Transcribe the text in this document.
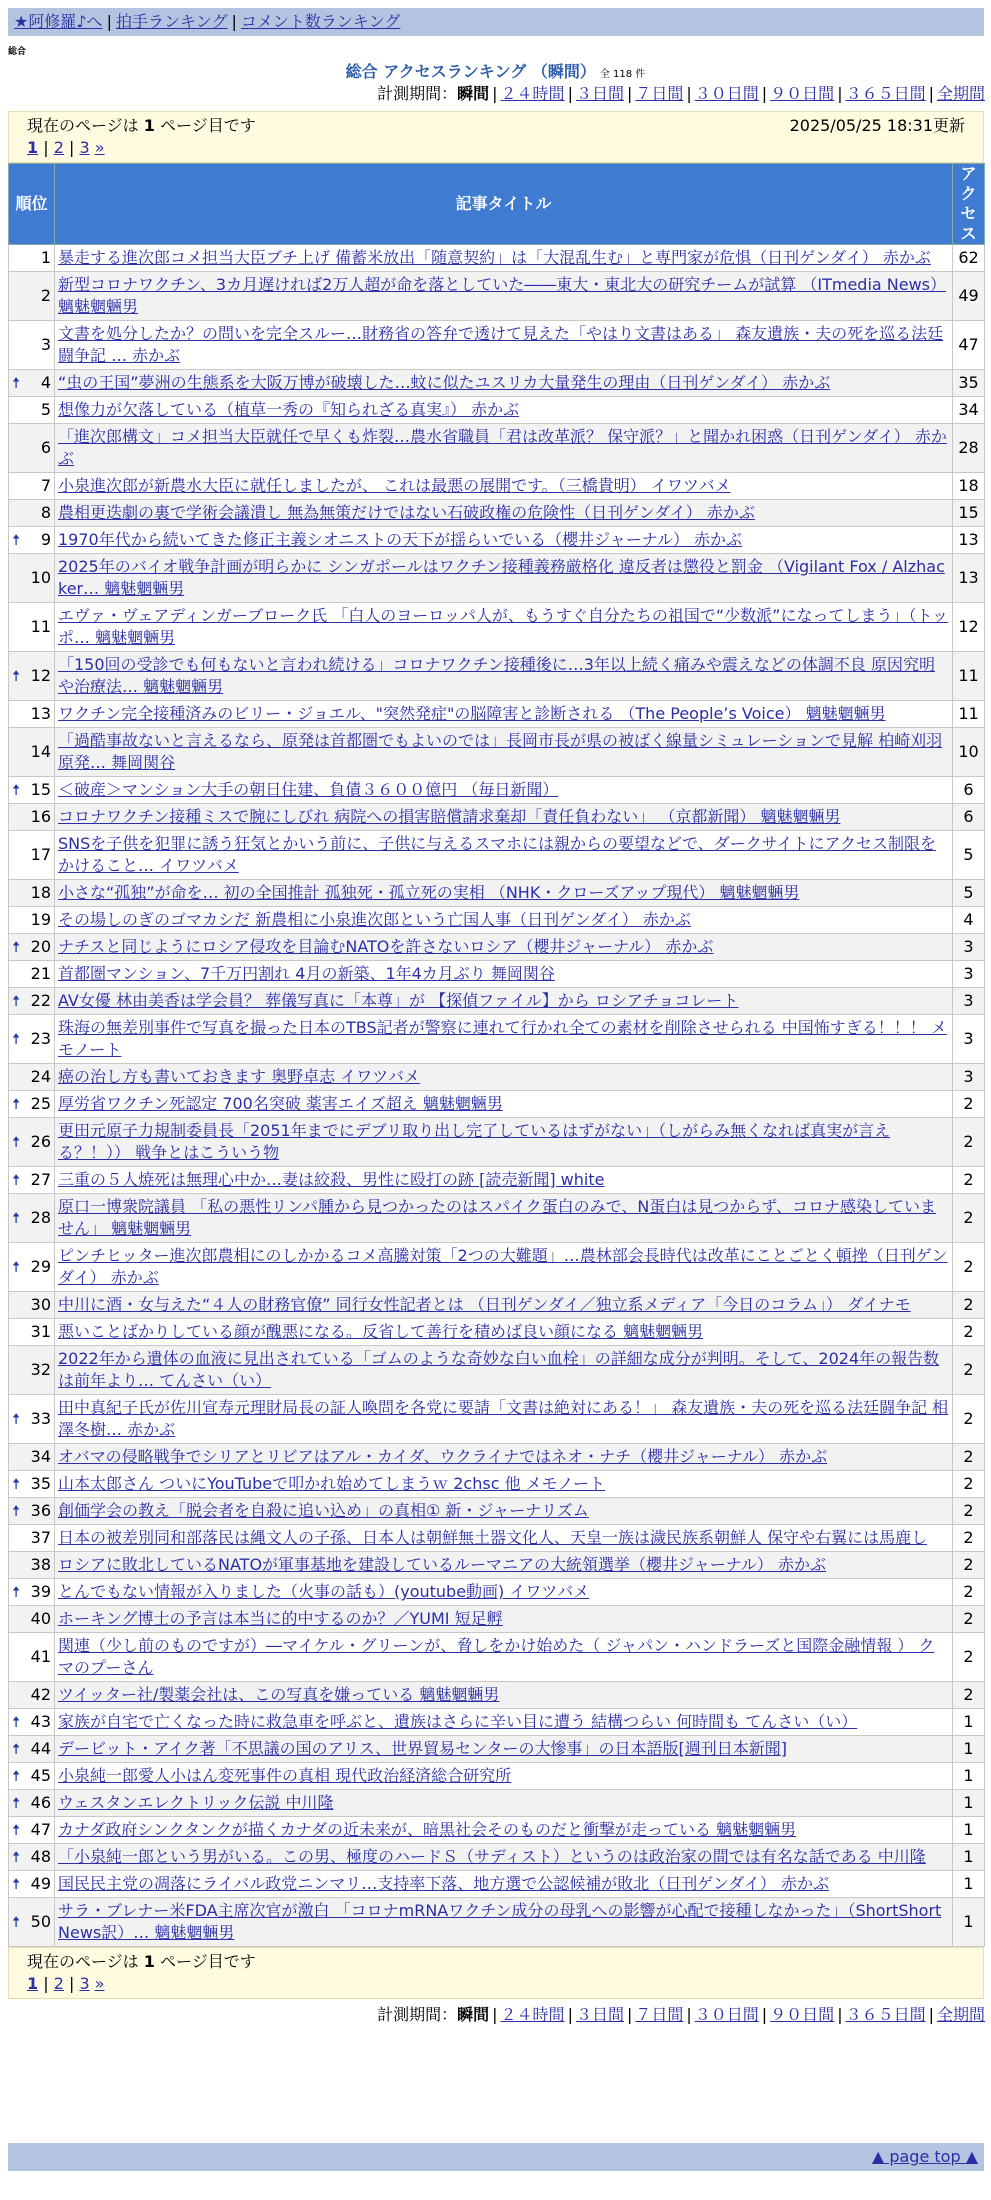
★阿修羅♪へ | 拍手ランキング | コメント数ランキング
総合
総合 アクセスランキング （瞬間） 全 118 件
計測期間：瞬間 | ２４時間 | ３日間 | ７日間 | ３０日間 | ９０日間 | ３６５日間 | 全期間
現在のページは 1 ページ目です	2025/05/25 18:31更新
1 | 2 | 3 »
順位	記事タイトル	アクセス
1	暴走する進次郎コメ担当大臣ブチ上げ 備蓄米放出「随意契約」は「大混乱生む」と専門家が危惧（日刊ゲンダイ） 赤かぶ	62
2	新型コロナワクチン、3カ月遅ければ2万人超が命を落としていた――東大・東北大の研究チームが試算 （ITmedia News） 魑魅魍魎男	49
3	文書を処分したか？の問いを完全スルー…財務省の答弁で透けて見えた「やはり文書はある」 森友遺族・夫の死を巡る法廷闘争記 … 赤かぶ	47

🠅 4	“虫の王国”夢洲の生態系を大阪万博が破壊した…蚊に似たユスリカ大量発生の理由（日刊ゲンダイ） 赤かぶ	35
5	想像力が欠落している（植草一秀の『知られざる真実』） 赤かぶ	34
6	「進次郎構文」コメ担当大臣就任で早くも炸裂…農水省職員「君は改革派？ 保守派？」と聞かれ困惑（日刊ゲンダイ） 赤かぶ	28
7	小泉進次郎が新農水大臣に就任しましたが、 これは最悪の展開です。（三橋貴明） イワツバメ	18
8	農相更迭劇の裏で学術会議潰し 無為無策だけではない石破政権の危険性（日刊ゲンダイ） 赤かぶ	15

🠅 9	1970年代から続いてきた修正主義シオニストの天下が揺らいでいる（櫻井ジャーナル） 赤かぶ	13
10	2025年のバイオ戦争計画が明らかに シンガポールはワクチン接種義務厳格化 違反者は懲役と罰金 （Vigilant Fox / Alzhacker… 魑魅魍魎男	13
11	エヴァ・ヴェアディンガーブローク氏 「白人のヨーロッパ人が、もうすぐ自分たちの祖国で“少数派”になってしまう」（トッポ… 魑魅魍魎男	12

🠅 12	「150回の受診でも何もないと言われ続ける」コロナワクチン接種後に…3年以上続く痛みや震えなどの体調不良 原因究明や治療法… 魑魅魍魎男	11
13	ワクチン完全接種済みのビリー・ジョエル、"突然発症"の脳障害と診断される （The People’s Voice） 魑魅魍魎男	11
14	「過酷事故ないと言えるなら、原発は首都圏でもよいのでは」長岡市長が県の被ばく線量シミュレーションで見解 柏崎刈羽原発… 舞岡関谷	10

🠅 15	＜破産＞マンション大手の朝日住建、負債３６００億円 （毎日新聞）	6
16	コロナワクチン接種ミスで腕にしびれ 病院への損害賠償請求棄却「責任負わない」 （京都新聞） 魑魅魍魎男	6
17	SNSを子供を犯罪に誘う狂気とかいう前に、子供に与えるスマホには親からの要望などで、ダークサイトにアクセス制限をかけること… イワツバメ	5
18	小さな“孤独”が命を… 初の全国推計 孤独死・孤立死の実相 （NHK・クローズアップ現代） 魑魅魍魎男	5
19	その場しのぎのゴマカシだ 新農相に小泉進次郎という亡国人事（日刊ゲンダイ） 赤かぶ	4

🠅 20	ナチスと同じようにロシア侵攻を目論むNATOを許さないロシア（櫻井ジャーナル） 赤かぶ	3
21	首都圏マンション、7千万円割れ 4月の新築、1年4カ月ぶり 舞岡関谷	3

🠅 22	AV女優 林由美香は学会員？ 葬儀写真に「本尊」が 【探偵ファイル】から ロシアチョコレート	3

🠅 23	珠海の無差別事件で写真を撮った日本のTBS記者が警察に連れて行かれ全ての素材を削除させられる 中国怖すぎる！！！ メモノート	3
24	癌の治し方も書いておきます 奥野卓志 イワツバメ	3

🠅 25	厚労省ワクチン死認定 700名突破 薬害エイズ超え 魑魅魍魎男	2

🠅 26	更田元原子力規制委員長「2051年までにデブリ取り出し完了しているはずがない」（しがらみ無くなれば真実が言える？！）） 戦争とはこういう物	2

🠅 27	三重の５人焼死は無理心中か…妻は絞殺、男性に殴打の跡 [読売新聞] white	2

🠅 28	原口一博衆院議員 「私の悪性リンパ腫から見つかったのはスパイク蛋白のみで、N蛋白は見つからず、コロナ感染していません」 魑魅魍魎男	2

🠅 29	ピンチヒッター進次郎農相にのしかかるコメ高騰対策「2つの大難題」…農林部会長時代は改革にことごとく頓挫（日刊ゲンダイ） 赤かぶ	2
30	中川に酒・女与えた“４人の財務官僚” 同行女性記者とは （日刊ゲンダイ／独立系メディア「今日のコラム」） ダイナモ	2
31	悪いことばかりしている顔が醜悪になる。反省して善行を積めば良い顔になる 魑魅魍魎男	2
32	2022年から遺体の血液に見出されている「ゴムのような奇妙な白い血栓」の詳細な成分が判明。そして、2024年の報告数は前年より… てんさい（い）	2

🠅 33	田中真紀子氏が佐川宣寿元理財局長の証人喚問を各党に要請「文書は絶対にある！」 森友遺族・夫の死を巡る法廷闘争記 相澤冬樹… 赤かぶ	2
34	オバマの侵略戦争でシリアとリビアはアル・カイダ、ウクライナではネオ・ナチ（櫻井ジャーナル） 赤かぶ	2

🠅 35	山本太郎さん ついにYouTubeで叩かれ始めてしまうｗ 2chsc 他 メモノート	2

🠅 36	創価学会の教え「脱会者を自殺に追い込め」の真相① 新・ジャーナリズム	2
37	日本の被差別同和部落民は縄文人の子孫、日本人は朝鮮無土器文化人、天皇一族は濊民族系朝鮮人 保守や右翼には馬鹿し	2
38	ロシアに敗北しているNATOが軍事基地を建設しているルーマニアの大統領選挙（櫻井ジャーナル） 赤かぶ	2

🠅 39	とんでもない情報が入りました（火事の話も）(youtube動画) イワツバメ	2
40	ホーキング博士の予言は本当に的中するのか？／YUMI 短足孵	2
41	関連（少し前のものですが）―マイケル・グリーンが、脅しをかけ始めた（ ジャパン・ハンドラーズと国際金融情報 ） クマのプーさん	2
42	ツイッター社/製薬会社は、この写真を嫌っている 魑魅魍魎男	2

🠅 43	家族が自宅で亡くなった時に救急車を呼ぶと、遺族はさらに辛い目に遭う 結構つらい 何時間も てんさい（い）	1

🠅 44	デービット・アイク著「不思議の国のアリス、世界貿易センターの大惨事」の日本語版[週刊日本新聞]	1

🠅 45	小泉純一郎愛人小はん変死事件の真相 現代政治経済総合研究所	1

🠅 46	ウェスタンエレクトリック伝説 中川隆	1

🠅 47	カナダ政府シンクタンクが描くカナダの近未来が、暗黒社会そのものだと衝撃が走っている 魑魅魍魎男	1

🠅 48	「小泉純一郎という男がいる。この男、極度のハードＳ（サディスト）というのは政治家の間では有名な話である 中川隆	1

🠅 49	国民民主党の凋落にライバル政党ニンマリ…支持率下落、地方選で公認候補が敗北（日刊ゲンダイ） 赤かぶ	1

🠅 50	サラ・ブレナー米FDA主席次官が激白 「コロナmRNAワクチン成分の母乳への影響が心配で接種しなかった」（ShortShort News訳）… 魑魅魍魎男	1
現在のページは 1 ページ目です
1 | 2 | 3 »
計測期間：瞬間 | ２４時間 | ３日間 | ７日間 | ３０日間 | ９０日間 | ３６５日間 | 全期間
▲ page top ▲
